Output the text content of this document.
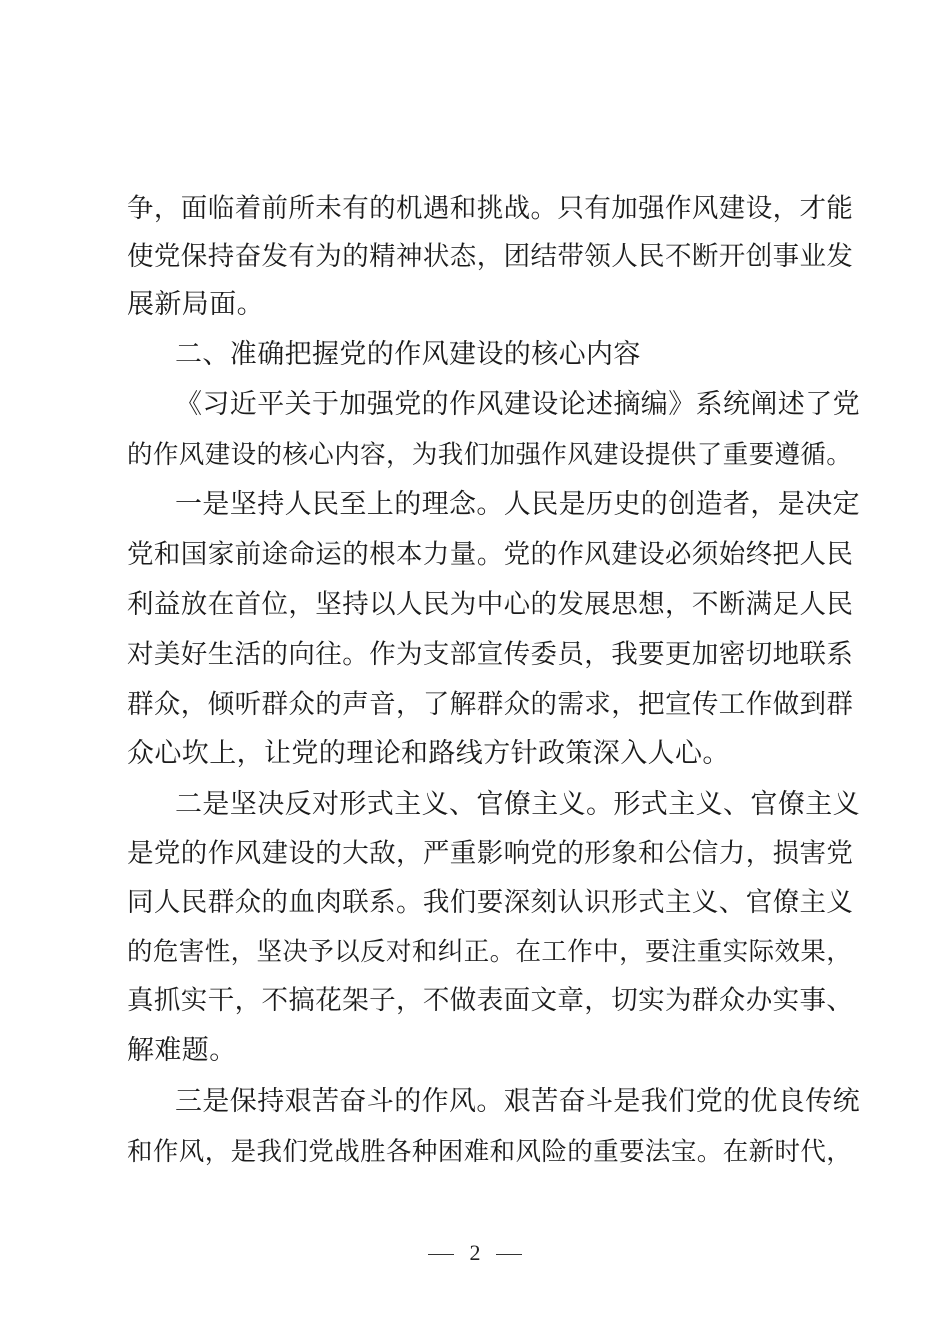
争，面临着前所未有的机遇和挑战。只有加强作风建设，才能
使党保持奋发有为的精神状态，团结带领人民不断开创事业发
展新局面。
二、准确把握党的作风建设的核心内容
《习近平关于加强党的作风建设论述摘编》系统阐述了党
的作风建设的核心内容，为我们加强作风建设提供了重要遵循。
一是坚持人民至上的理念。人民是历史的创造者，是决定
党和国家前途命运的根本力量。党的作风建设必须始终把人民
利益放在首位，坚持以人民为中心的发展思想，不断满足人民
对美好生活的向往。作为支部宣传委员，我要更加密切地联系
群众，倾听群众的声音，了解群众的需求，把宣传工作做到群
众心坎上，让党的理论和路线方针政策深入人心。
二是坚决反对形式主义、官僚主义。形式主义、官僚主义
是党的作风建设的大敌，严重影响党的形象和公信力，损害党
同人民群众的血肉联系。我们要深刻认识形式主义、官僚主义
的危害性，坚决予以反对和纠正。在工作中，要注重实际效果，
真抓实干，不搞花架子，不做表面文章，切实为群众办实事、
解难题。
三是保持艰苦奋斗的作风。艰苦奋斗是我们党的优良传统
和作风，是我们党战胜各种困难和风险的重要法宝。在新时代，
2
